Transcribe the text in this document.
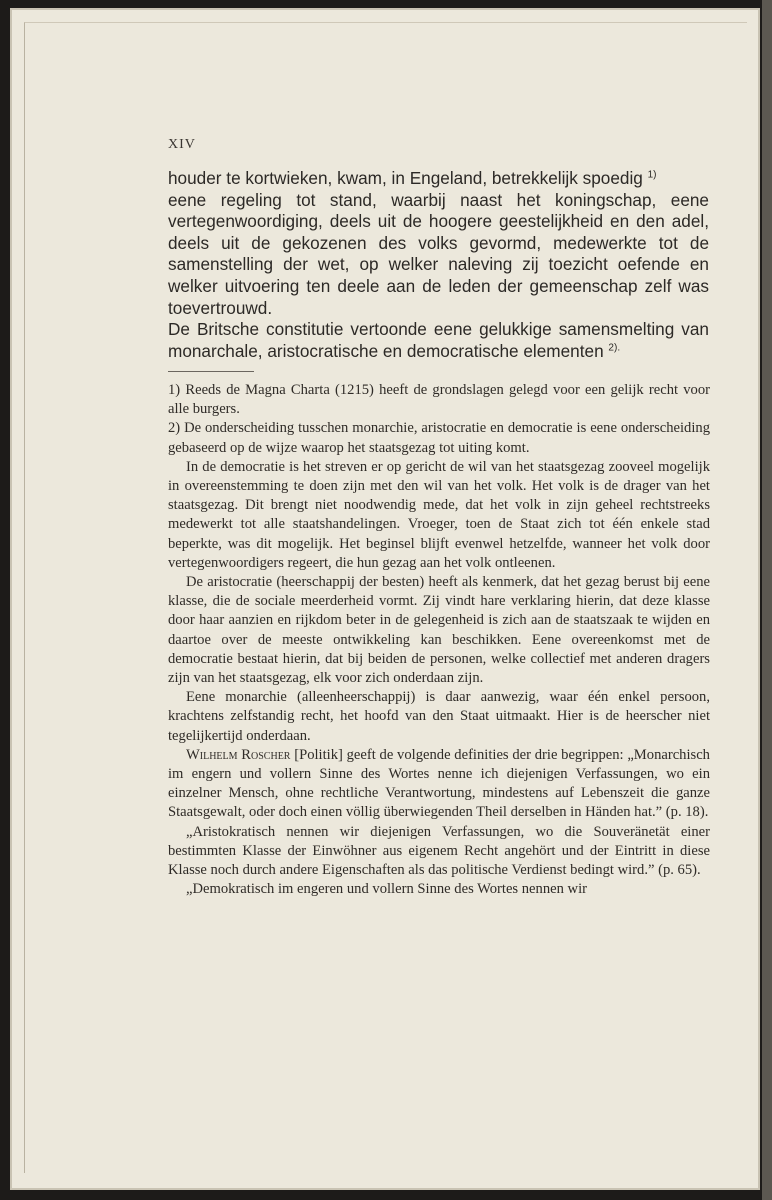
XIV

houder te kortwieken, kwam, in Engeland, betrekkelijk spoedig $^{1)}$

eene regeling tot stand, waarbij naast het koningschap, eene vertegenwoordiging, deels uit de hoogere geestelijkheid en den adel, deels uit de gekozenen des volks gevormd, medewerkte tot de samenstelling der wet, op welker naleving zij toezicht oefende en welker uitvoering ten deele aan de leden der gemeenschap zelf was toevertrouwd.

De Britsche constitutie vertoonde eene gelukkige samensmelting van monarchale, aristocratische en democratische elementen $^{2).}$

1) Reeds de Magna Charta (1215) heeft de grondslagen gelegd voor een gelijk recht voor alle burgers.

2) De onderscheiding tusschen monarchie, aristocratie en democratie is eene onderscheiding gebaseerd op de wijze waarop het staatsgezag tot uiting komt.

In de democratie is het streven er op gericht de wil van het staatsgezag zooveel mogelijk in overeenstemming te doen zijn met den wil van het volk. Het volk is de drager van het staatsgezag. Dit brengt niet noodwendig mede, dat het volk in zijn geheel rechtstreeks medewerkt tot alle staatshandelingen. Vroeger, toen de Staat zich tot één enkele stad beperkte, was dit mogelijk. Het beginsel blijft evenwel hetzelfde, wanneer het volk door vertegenwoordigers regeert, die hun gezag aan het volk ontleenen.

De aristocratie (heerschappij der besten) heeft als kenmerk, dat het gezag berust bij eene klasse, die de sociale meerderheid vormt. Zij vindt hare verklaring hierin, dat deze klasse door haar aanzien en rijkdom beter in de gelegenheid is zich aan de staatszaak te wijden en daartoe over de meeste ontwikkeling kan beschikken. Eene overeenkomst met de democratie bestaat hierin, dat bij beiden de personen, welke collectief met anderen dragers zijn van het staatsgezag, elk voor zich onderdaan zijn.

Eene monarchie (alleenheerschappij) is daar aanwezig, waar één enkel persoon, krachtens zelfstandig recht, het hoofd van den Staat uitmaakt. Hier is de heerscher niet tegelijkertijd onderdaan.

Wilhelm Roscher [Politik] geeft de volgende definities der drie begrippen: „Monarchisch im engern und vollern Sinne des Wortes nenne ich diejenigen Verfassungen, wo ein einzelner Mensch, ohne rechtliche Verantwortung, mindestens auf Lebenszeit die ganze Staatsgewalt, oder doch einen völlig überwiegenden Theil derselben in Händen hat.” (p. 18).

„Aristokratisch nennen wir diejenigen Verfassungen, wo die Souveränetät einer bestimmten Klasse der Einwöhner aus eigenem Recht angehört und der Eintritt in diese Klasse noch durch andere Eigenschaften als das politische Verdienst bedingt wird.” (p. 65).

„Demokratisch im engeren und vollern Sinne des Wortes nennen wir
